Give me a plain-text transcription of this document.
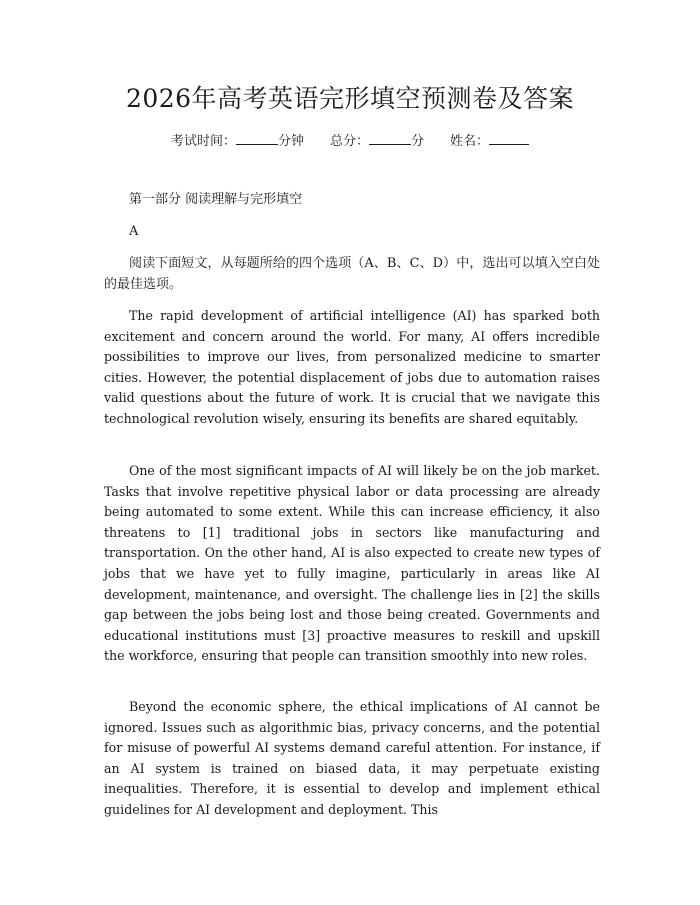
2026年高考英语完形填空预测卷及答案
考试时间：	分钟 总分：	分 姓名：

第一部分 阅读理解与完形填空

A

阅读下面短文，从每题所给的四个选项（A、B、C、D）中，选出可以填入空白处的最佳选项。

The rapid development of artificial intelligence (AI) has sparked both excitement and concern around the world. For many, AI offers incredible possibilities to improve our lives, from personalized medicine to smarter cities. However, the potential displacement of jobs due to automation raises valid questions about the future of work. It is crucial that we navigate this technological revolution wisely, ensuring its benefits are shared equitably.

One of the most significant impacts of AI will likely be on the job market. Tasks that involve repetitive physical labor or data processing are already being automated to some extent. While this can increase efficiency, it also threatens to [1] traditional jobs in sectors like manufacturing and transportation. On the other hand, AI is also expected to create new types of jobs that we have yet to fully imagine, particularly in areas like AI development, maintenance, and oversight. The challenge lies in [2] the skills gap between the jobs being lost and those being created. Governments and educational institutions must [3] proactive measures to reskill and upskill the workforce, ensuring that people can transition smoothly into new roles.

Beyond the economic sphere, the ethical implications of AI cannot be ignored. Issues such as algorithmic bias, privacy concerns, and the potential for misuse of powerful AI systems demand careful attention. For instance, if an AI system is trained on biased data, it may perpetuate existing inequalities. Therefore, it is essential to develop and implement ethical guidelines for AI development and deployment. This
